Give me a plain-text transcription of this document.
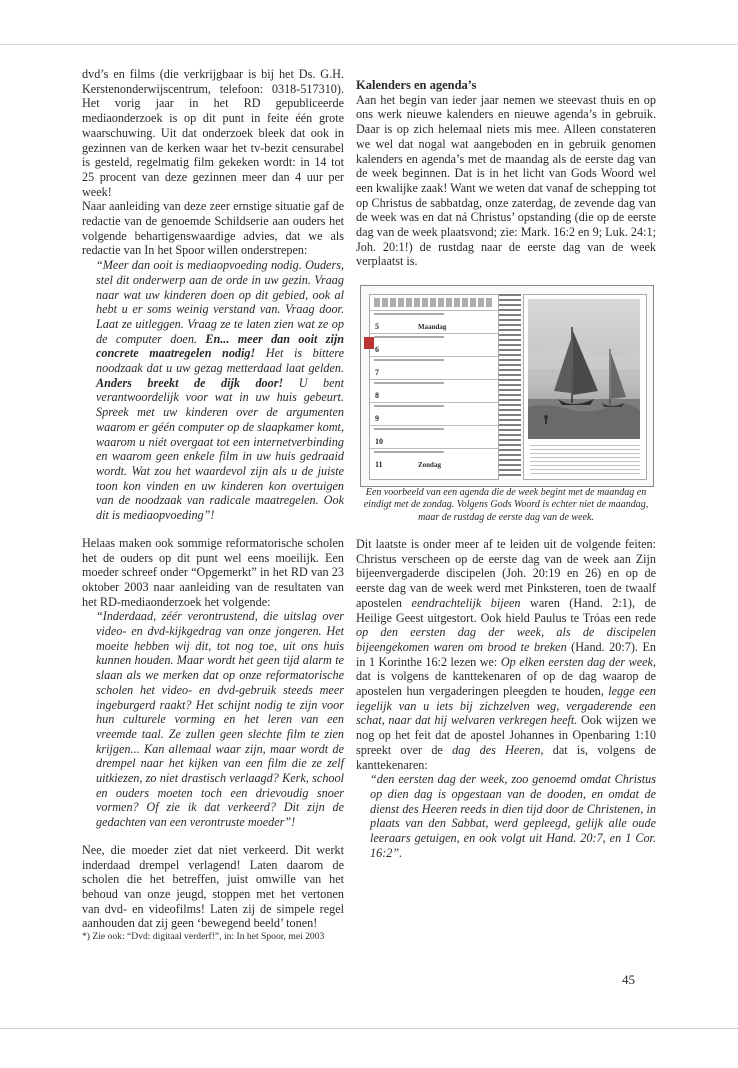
dvd’s en films (die verkrijgbaar is bij het Ds. G.H. Kerstenonderwijscentrum, telefoon: 0318-517310). Het vorig jaar in het RD gepubliceerde mediaonderzoek is op dit punt in feite één grote waarschuwing. Uit dat onderzoek bleek dat ook in gezinnen van de kerken waar het tv-bezit censurabel is gesteld, regelmatig film gekeken wordt: in 14 tot 25 procent van deze gezinnen meer dan 4 uur per week!

Naar aanleiding van deze zeer ernstige situatie gaf de redactie van de genoemde Schildserie aan ouders het volgende behartigenswaardige advies, dat we als redactie van In het Spoor willen onderstrepen:

“Meer dan ooit is mediaopvoeding nodig. Ouders, stel dit onderwerp aan de orde in uw gezin. Vraag naar wat uw kinderen doen op dit gebied, ook al hebt u er soms weinig verstand van. Vraag door. Laat ze uitleggen. Vraag ze te laten zien wat ze op de computer doen. En... meer dan ooit zijn concrete maatregelen nodig! Het is bittere noodzaak dat u uw gezag metterdaad laat gelden. Anders breekt de dijk door! U bent verantwoordelijk voor wat in uw huis gebeurt. Spreek met uw kinderen over de argumenten waarom er géén computer op de slaapkamer komt, waarom u niét overgaat tot een internetverbinding en waarom geen enkele film in uw huis gedraaid wordt. Wat zou het waardevol zijn als u de juiste toon kon vinden en uw kinderen kon overtuigen van de noodzaak van radicale maatregelen. Ook dit is mediaopvoeding”!

Helaas maken ook sommige reformatorische scholen het de ouders op dit punt wel eens moeilijk. Een moeder schreef onder “Opgemerkt” in het RD van 23 oktober 2003 naar aanleiding van de resultaten van het RD-mediaonderzoek het volgende:

“Inderdaad, zéér verontrustend, die uitslag over video- en dvd-kijkgedrag van onze jongeren. Het moeite hebben wij dit, tot nog toe, uit ons huis kunnen houden. Maar wordt het geen tijd alarm te slaan als we merken dat op onze reformatorische scholen het video- en dvd-gebruik steeds meer ingeburgerd raakt? Het schijnt nodig te zijn voor hun culturele vorming en het leren van een vreemde taal. Ze zullen geen slechte film te zien krijgen... Kan allemaal waar zijn, maar wordt de drempel naar het kijken van een film die ze zelf uitkiezen, zo niet drastisch verlaagd? Kerk, school en ouders moeten toch een drievoudig snoer vormen? Of zie ik dat verkeerd? Dit zijn de gedachten van een verontruste moeder”!

Nee, die moeder ziet dat niet verkeerd. Dit werkt inderdaad drempel verlagend! Laten daarom de scholen die het betreffen, juist omwille van het behoud van onze jeugd, stoppen met het vertonen van dvd- en videofilms! Laten zij de simpele regel aanhouden dat zij geen ‘bewegend beeld’ tonen!

*) Zie ook: “Dvd: digitaal verderf!”, in: In het Spoor, mei 2003

Kalenders en agenda’s

Aan het begin van ieder jaar nemen we steevast thuis en op ons werk nieuwe kalenders en nieuwe agenda’s in gebruik. Daar is op zich helemaal niets mis mee. Alleen constateren we wel dat nogal wat aangeboden en in gebruik genomen kalenders en agenda’s met de maandag als de eerste dag van de week beginnen. Dat is in het licht van Gods Woord wel een kwalijke zaak! Want we weten dat vanaf de schepping tot op Christus de sabbatdag, onze zaterdag, de zevende dag van de week was en dat ná Christus’ opstanding (die op de eerste dag van de week plaatsvond; zie: Mark. 16:2 en 9; Luk. 24:1; Joh. 20:1!) de rustdag naar de eerste dag van de week verplaatst is.

5	Maandag
6
7
8
9
10
11	Zondag

Een voorbeeld van een agenda die de week begint met de maandag en eindigt met de zondag. Volgens Gods Woord is echter niet de maandag, maar de rustdag de eerste dag van de week.

Dit laatste is onder meer af te leiden uit de volgende feiten: Christus verscheen op de eerste dag van de week aan Zijn bijeenvergaderde discipelen (Joh. 20:19 en 26) en op de eerste dag van de week werd met Pinksteren, toen de twaalf apostelen eendrachtelijk bijeen waren (Hand. 2:1), de Heilige Geest uitgestort. Ook hield Paulus te Tróas een rede op den eersten dag der week, als de discipelen bijeengekomen waren om brood te breken (Hand. 20:7). En in 1 Korinthe 16:2 lezen we: Op elken eersten dag der week, dat is volgens de kanttekenaren of op de dag waarop de apostelen hun vergaderingen pleegden te houden, legge een iegelijk van u iets bij zichzelven weg, vergaderende een schat, naar dat hij welvaren verkregen heeft. Ook wijzen we nog op het feit dat de apostel Johannes in Openbaring 1:10 spreekt over de dag des Heeren, dat is, volgens de kanttekenaren:

“den eersten dag der week, zoo genoemd omdat Christus op dien dag is opgestaan van de dooden, en omdat de dienst des Heeren reeds in dien tijd door de Christenen, in plaats van den Sabbat, werd gepleegd, gelijk alle oude leeraars getuigen, en ook volgt uit Hand. 20:7, en 1 Cor. 16:2”.

45
